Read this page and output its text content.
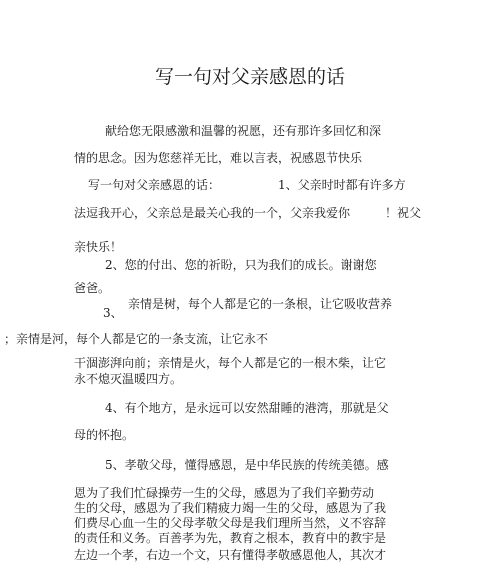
写一句对父亲感恩的话
献给您无限感激和温馨的祝愿，还有那许多回忆和深
情的思念。因为您慈祥无比，难以言表，祝感恩节快乐
写一句对父亲感恩的话：	1、父亲时时都有许多方
法逗我开心，父亲总是最关心我的一个，父亲我爱你	！祝父
亲快乐！
2、您的付出、您的祈盼，只为我们的成长。谢谢您
爸爸。
亲情是树，每个人都是它的一条根，让它吸收营养
3、
；亲情是河，每个人都是它的一条支流，让它永不
干涸澎湃向前；亲情是火，每个人都是它的一根木柴，让它
永不熄灭温暖四方。
4、有个地方，是永远可以安然甜睡的港湾，那就是父
母的怀抱。
5、孝敬父母，懂得感恩，是中华民族的传统美德。感
恩为了我们忙碌操劳一生的父母，感恩为了我们辛勤劳动
生的父母，感恩为了我们精疲力竭一生的父母，感恩为了我
们费尽心血一生的父母孝敬父母是我们理所当然，义不容辞
的责任和义务。百善孝为先，教育之根本，教育中的教宇是
左边一个孝，右边一个文，只有懂得孝敬感恩他人，其次才
